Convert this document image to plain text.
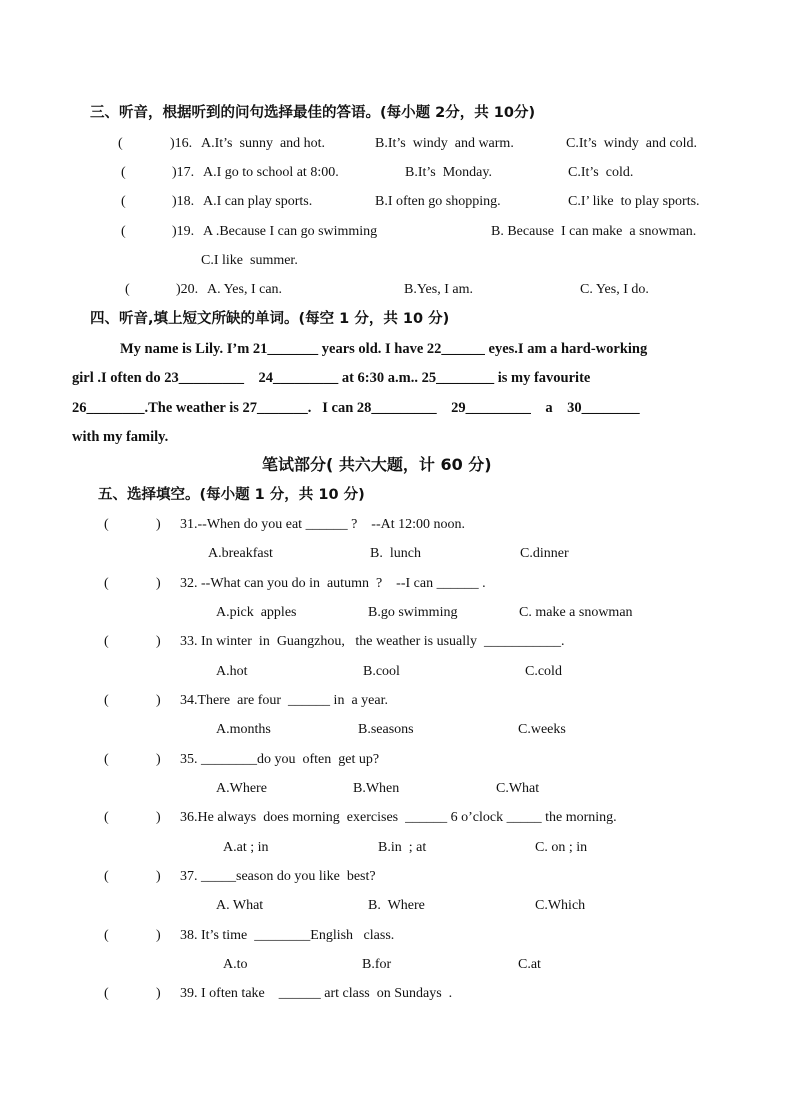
三、听音，根据听到的问句选择最佳的答语。(每小题 2分，共 10分)
(	)16. A.It’s  sunny  and hot.	B.It’s  windy  and warm.	C.It’s  windy  and cold.
(	)17. A.I go to school at 8:00.	B.It’s  Monday.	C.It’s  cold.
(	)18. A.I can play sports.	B.I often go shopping.	C.I’ like  to play sports.
(	)19. A .Because I can go swimming	B. Because  I can make  a snowman.
C.I like  summer.
(	)20. A. Yes, I can.	B.Yes, I am.	C. Yes, I do.
四、听音,填上短文所缺的单词。(每空 1 分，共 10 分)
My name is Lily. I’m 21_______ years old. I have 22______ eyes.I am a hard-working
girl .I often do 23_________    24_________ at 6:30 a.m.. 25________ is my favourite
26________.The weather is 27_______.   I can 28_________    29_________    a    30________
with my family.
笔试部分( 共六大题，计 60 分)
五、选择填空。(每小题 1 分，共 10 分)
(	) 31.--When do you eat ______ ?    --At 12:00 noon.
A.breakfast	B.  lunch	C.dinner
(	) 32. --What can you do in  autumn  ?    --I can ______ .
A.pick  apples	B.go swimming	C. make a snowman
(	) 33. In winter  in  Guangzhou,   the weather is usually  ___________.
A.hot	B.cool	C.cold
(	) 34.There  are four  ______ in  a year.
A.months	B.seasons	C.weeks
(	) 35. ________do you  often  get up?
A.Where	B.When	C.What
(	) 36.He always  does morning  exercises  ______ 6 o’clock _____ the morning.
A.at ; in	B.in  ; at	C. on ; in
(	) 37. _____season do you like  best?
A. What	B.  Where	C.Which
(	) 38. It’s time  ________English   class.
A.to	B.for	C.at
(	) 39. I often take    ______ art class  on Sundays  .
